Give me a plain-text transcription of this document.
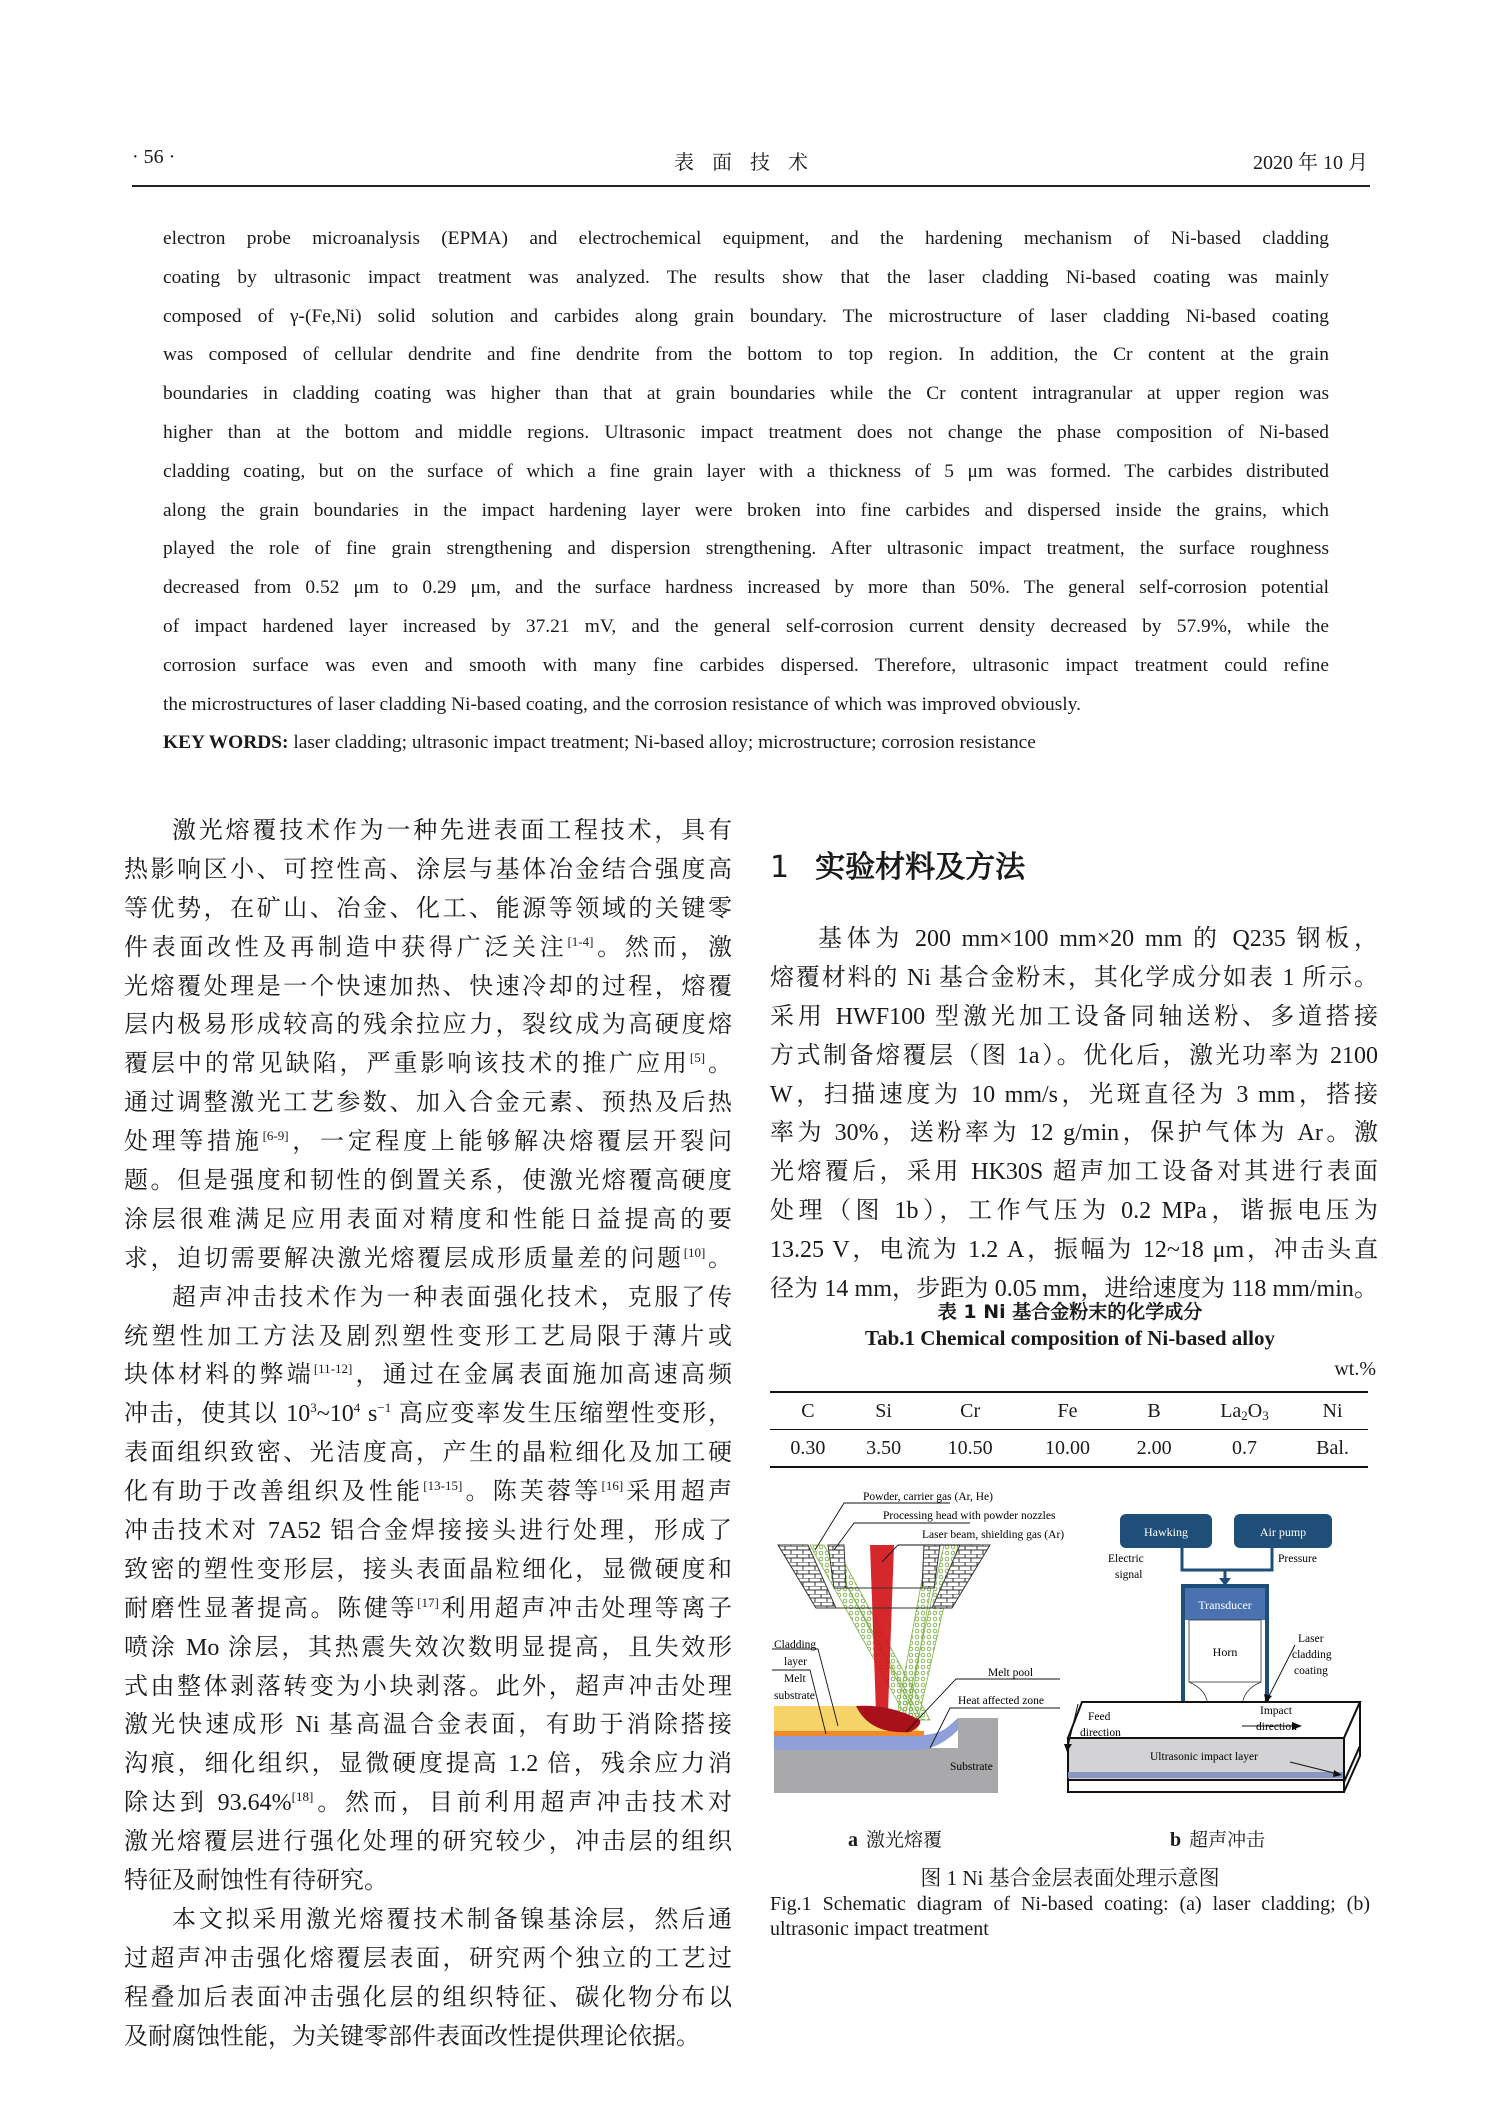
· 56 ·	表面技术	2020 年 10 月
electron probe microanalysis (EPMA) and electrochemical equipment, and the hardening mechanism of Ni-based cladding
coating by ultrasonic impact treatment was analyzed. The results show that the laser cladding Ni-based coating was mainly
composed of γ-(Fe,Ni) solid solution and carbides along grain boundary. The microstructure of laser cladding Ni-based coating
was composed of cellular dendrite and fine dendrite from the bottom to top region. In addition, the Cr content at the grain
boundaries in cladding coating was higher than that at grain boundaries while the Cr content intragranular at upper region was
higher than at the bottom and middle regions. Ultrasonic impact treatment does not change the phase composition of Ni-based
cladding coating, but on the surface of which a fine grain layer with a thickness of 5 μm was formed. The carbides distributed
along the grain boundaries in the impact hardening layer were broken into fine carbides and dispersed inside the grains, which
played the role of fine grain strengthening and dispersion strengthening. After ultrasonic impact treatment, the surface roughness
decreased from 0.52 μm to 0.29 μm, and the surface hardness increased by more than 50%. The general self-corrosion potential
of impact hardened layer increased by 37.21 mV, and the general self-corrosion current density decreased by 57.9%, while the
corrosion surface was even and smooth with many fine carbides dispersed. Therefore, ultrasonic impact treatment could refine
the microstructures of laser cladding Ni-based coating, and the corrosion resistance of which was improved obviously.
KEY WORDS: laser cladding; ultrasonic impact treatment; Ni-based alloy; microstructure; corrosion resistance
激光熔覆技术作为一种先进表面工程技术，具有
热影响区小、可控性高、涂层与基体冶金结合强度高
等优势，在矿山、冶金、化工、能源等领域的关键零
件表面改性及再制造中获得广泛关注[1-4]。然而，激
光熔覆处理是一个快速加热、快速冷却的过程，熔覆
层内极易形成较高的残余拉应力，裂纹成为高硬度熔
覆层中的常见缺陷，严重影响该技术的推广应用[5]。
通过调整激光工艺参数、加入合金元素、预热及后热
处理等措施[6-9]，一定程度上能够解决熔覆层开裂问
题。但是强度和韧性的倒置关系，使激光熔覆高硬度
涂层很难满足应用表面对精度和性能日益提高的要
求，迫切需要解决激光熔覆层成形质量差的问题[10]。
超声冲击技术作为一种表面强化技术，克服了传
统塑性加工方法及剧烈塑性变形工艺局限于薄片或
块体材料的弊端[11-12]，通过在金属表面施加高速高频
冲击，使其以 $10^3\sim 10^4$ $s^{-1}$ 高应变率发生压缩塑性变形，
表面组织致密、光洁度高，产生的晶粒细化及加工硬
化有助于改善组织及性能[13-15]。陈芙蓉等[16]采用超声
冲击技术对 7A52 铝合金焊接接头进行处理，形成了
致密的塑性变形层，接头表面晶粒细化，显微硬度和
耐磨性显著提高。陈健等[17]利用超声冲击处理等离子
喷涂 Mo 涂层，其热震失效次数明显提高，且失效形
式由整体剥落转变为小块剥落。此外，超声冲击处理
激光快速成形 Ni 基高温合金表面，有助于消除搭接
沟痕，细化组织，显微硬度提高 1.2 倍，残余应力消
除达到 93.64%[18]。然而，目前利用超声冲击技术对
激光熔覆层进行强化处理的研究较少，冲击层的组织
特征及耐蚀性有待研究。
本文拟采用激光熔覆技术制备镍基涂层，然后通
过超声冲击强化熔覆层表面，研究两个独立的工艺过
程叠加后表面冲击强化层的组织特征、碳化物分布以
及耐腐蚀性能，为关键零部件表面改性提供理论依据。
1 实验材料及方法
基体为 200 mm×100 mm×20 mm 的 Q235 钢板，
熔覆材料的 Ni 基合金粉末，其化学成分如表 1 所示。
采用 HWF100 型激光加工设备同轴送粉、多道搭接
方式制备熔覆层（图 1a）。优化后，激光功率为 2100
W，扫描速度为 10 mm/s，光斑直径为 3 mm，搭接
率为 30%，送粉率为 12 g/min，保护气体为 Ar。激
光熔覆后，采用 HK30S 超声加工设备对其进行表面
处理（图 1b），工作气压为 0.2 MPa，谐振电压为
13.25 V，电流为 1.2 A，振幅为 12~18 μm，冲击头直
径为 14 mm，步距为 0.05 mm，进给速度为 118 mm/min。
表 1 Ni 基合金粉末的化学成分
Tab.1 Chemical composition of Ni-based alloy
wt.%
C	Si	Cr	Fe	B	$La_2O_3$	Ni
0.30	3.50	10.50	10.00	2.00	0.7	Bal.
Powder, carrier gas (Ar, He)
Processing head with powder nozzles
Laser beam, shielding gas (Ar)
Cladding
layer
Melt
substrate
Melt pool
Heat affected zone
Substrate
Hawking	Air pump
Electric
signal
Pressure
Transducer
Horn
Feed
direction
Impact
direction
Laser
cladding
coating
Ultrasonic impact layer
a 激光熔覆	b 超声冲击
图 1 Ni 基合金层表面处理示意图
Fig.1 Schematic diagram of Ni-based coating: (a) laser cladding; (b) ultrasonic impact treatment
